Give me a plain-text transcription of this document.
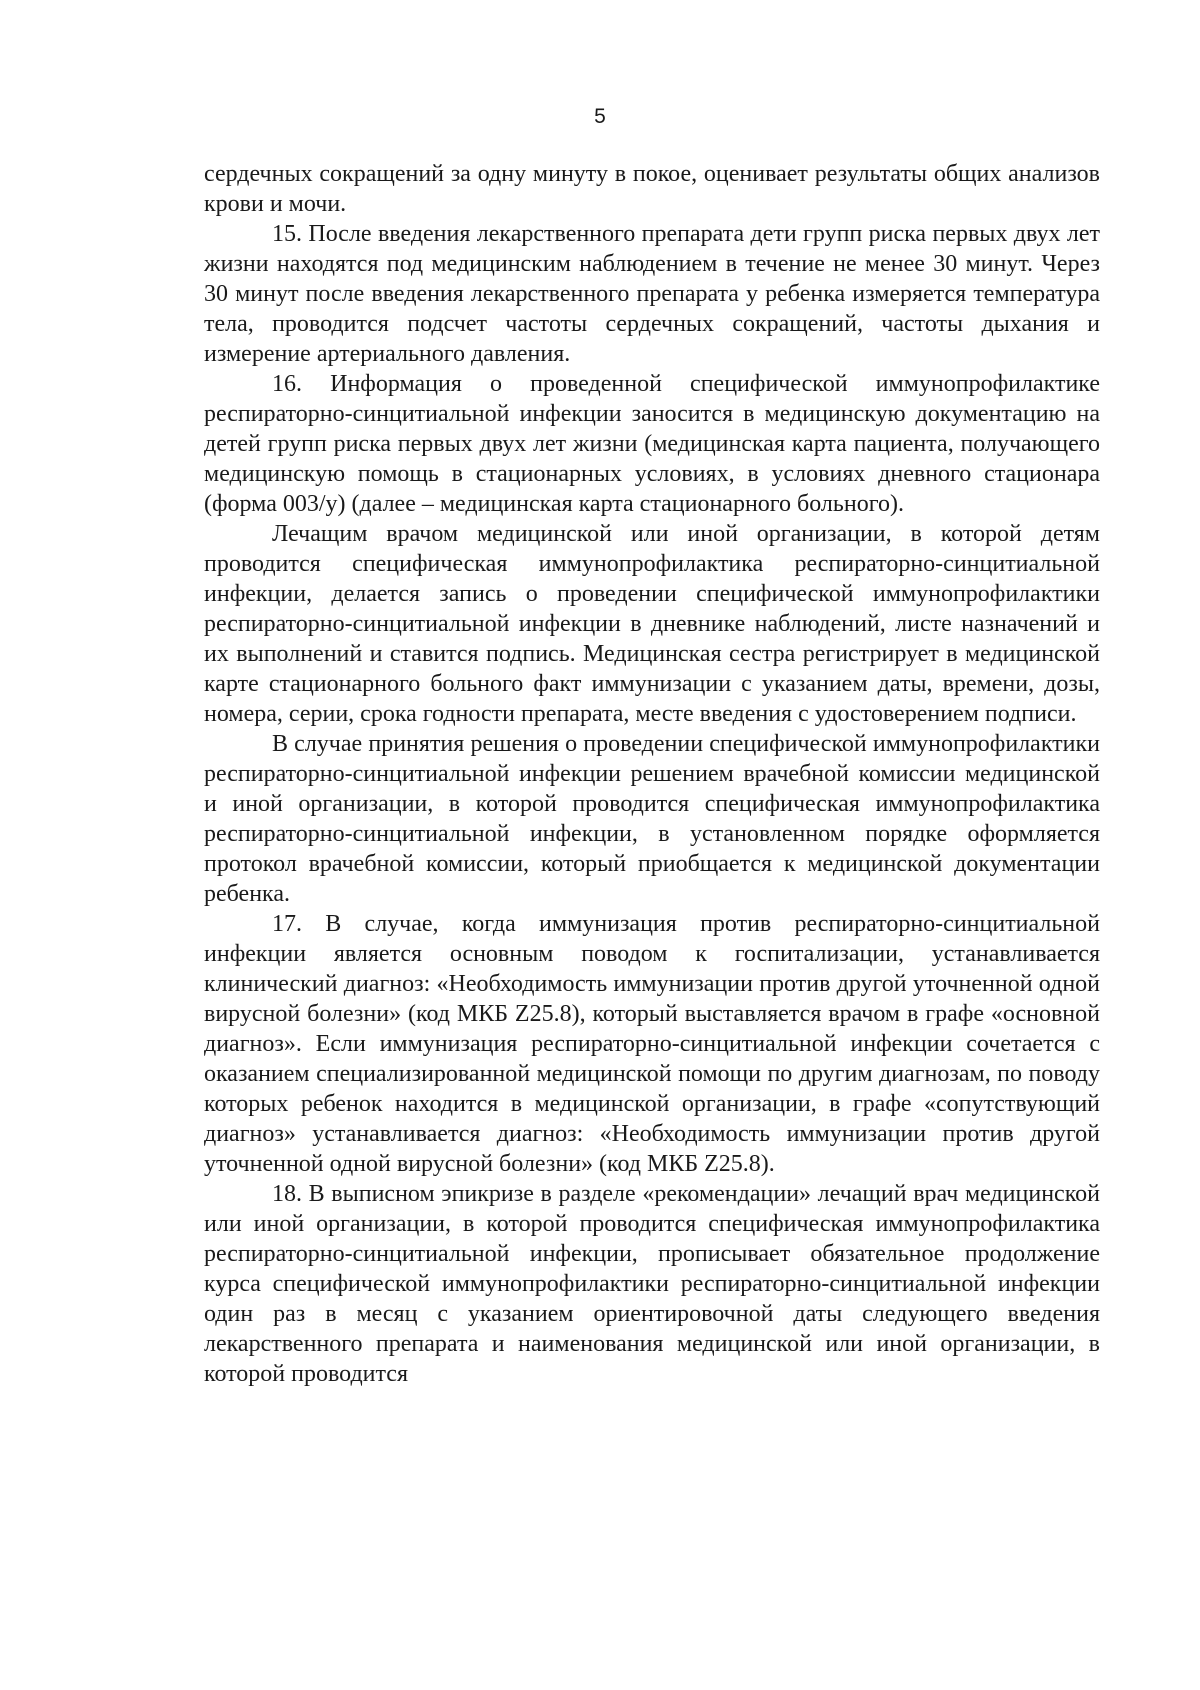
5

сердечных сокращений за одну минуту в покое, оценивает результаты общих анализов крови и мочи.

15. После введения лекарственного препарата дети групп риска первых двух лет жизни находятся под медицинским наблюдением в течение не менее 30 минут. Через 30 минут после введения лекарственного препарата у ребенка измеряется температура тела, проводится подсчет частоты сердечных сокращений, частоты дыхания и измерение артериального давления.

16. Информация о проведенной специфической иммунопрофилактике респираторно-синцитиальной инфекции заносится в медицинскую документацию на детей групп риска первых двух лет жизни (медицинская карта пациента, получающего медицинскую помощь в стационарных условиях, в условиях дневного стационара (форма 003/у) (далее – медицинская карта стационарного больного).

Лечащим врачом медицинской или иной организации, в которой детям проводится специфическая иммунопрофилактика респираторно-синцитиальной инфекции, делается запись о проведении специфической иммунопрофилактики респираторно-синцитиальной инфекции в дневнике наблюдений, листе назначений и их выполнений и ставится подпись. Медицинская сестра регистрирует в медицинской карте стационарного больного факт иммунизации с указанием даты, времени, дозы, номера, серии, срока годности препарата, месте введения с удостоверением подписи.

В случае принятия решения о проведении специфической иммунопрофилактики респираторно-синцитиальной инфекции решением врачебной комиссии медицинской и иной организации, в которой проводится специфическая иммунопрофилактика респираторно-синцитиальной инфекции, в установленном порядке оформляется протокол врачебной комиссии, который приобщается к медицинской документации ребенка.

17. В случае, когда иммунизация против респираторно-синцитиальной инфекции является основным поводом к госпитализации, устанавливается клинический диагноз: «Необходимость иммунизации против другой уточненной одной вирусной болезни» (код МКБ Z25.8), который выставляется врачом в графе «основной диагноз». Если иммунизация респираторно-синцитиальной инфекции сочетается с оказанием специализированной медицинской помощи по другим диагнозам, по поводу которых ребенок находится в медицинской организации, в графе «сопутствующий диагноз» устанавливается диагноз: «Необходимость иммунизации против другой уточненной одной вирусной болезни» (код МКБ Z25.8).

18. В выписном эпикризе в разделе «рекомендации» лечащий врач медицинской или иной организации, в которой проводится специфическая иммунопрофилактика респираторно-синцитиальной инфекции, прописывает обязательное продолжение курса специфической иммунопрофилактики респираторно-синцитиальной инфекции один раз в месяц с указанием ориентировочной даты следующего введения лекарственного препарата и наименования медицинской или иной организации, в которой проводится
